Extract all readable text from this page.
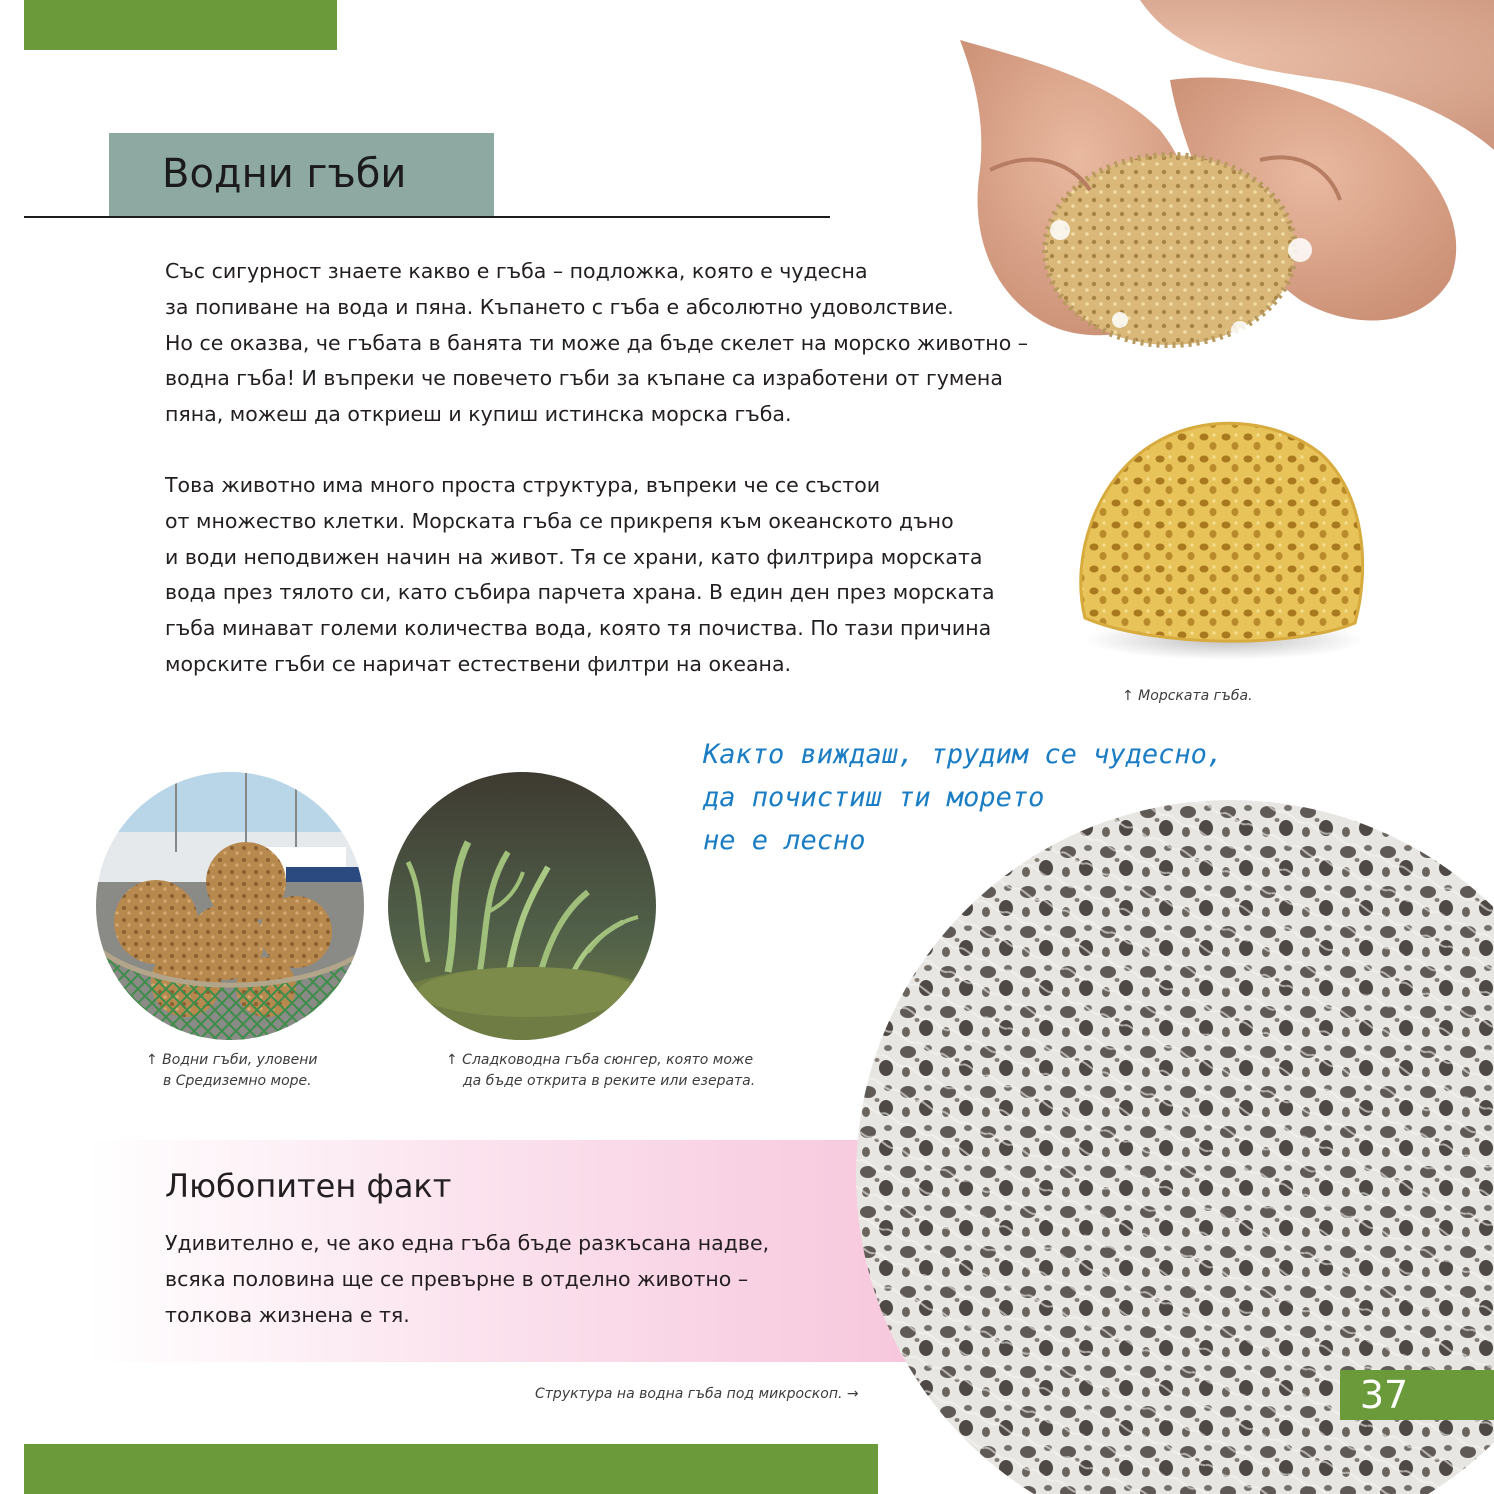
Водни гъби
Със сигурност знаете какво е гъба – подложка, която е чудесна
за попиване на вода и пяна. Къпането с гъба е абсолютно удоволствие.
Но се оказва, че гъбата в банята ти може да бъде скелет на морско животно –
водна гъба! И въпреки че повечето гъби за къпане са изработени от гумена
пяна, можеш да откриеш и купиш истинска морска гъба.
Това животно има много проста структура, въпреки че се състои
от множество клетки. Морската гъба се прикрепя към океанското дъно
и води неподвижен начин на живот. Тя се храни, като филтрира морската
вода през тялото си, като събира парчета храна. В един ден през морската
гъба минават големи количества вода, която тя почиства. По тази причина
морските гъби се наричат естествени филтри на океана.
↑ Морската гъба.
Както виждаш, трудим се чудесно,
да почистиш ти морето
не е лесно
↑ Водни гъби, уловени
в Средиземно море.
↑ Сладководна гъба сюнгер, която може
да бъде открита в реките или езерата.
Любопитен факт
Удивително е, че ако една гъба бъде разкъсана надве,
всяка половина ще се превърне в отделно животно –
толкова жизнена е тя.
Структура на водна гъба под микроскоп. →	37
